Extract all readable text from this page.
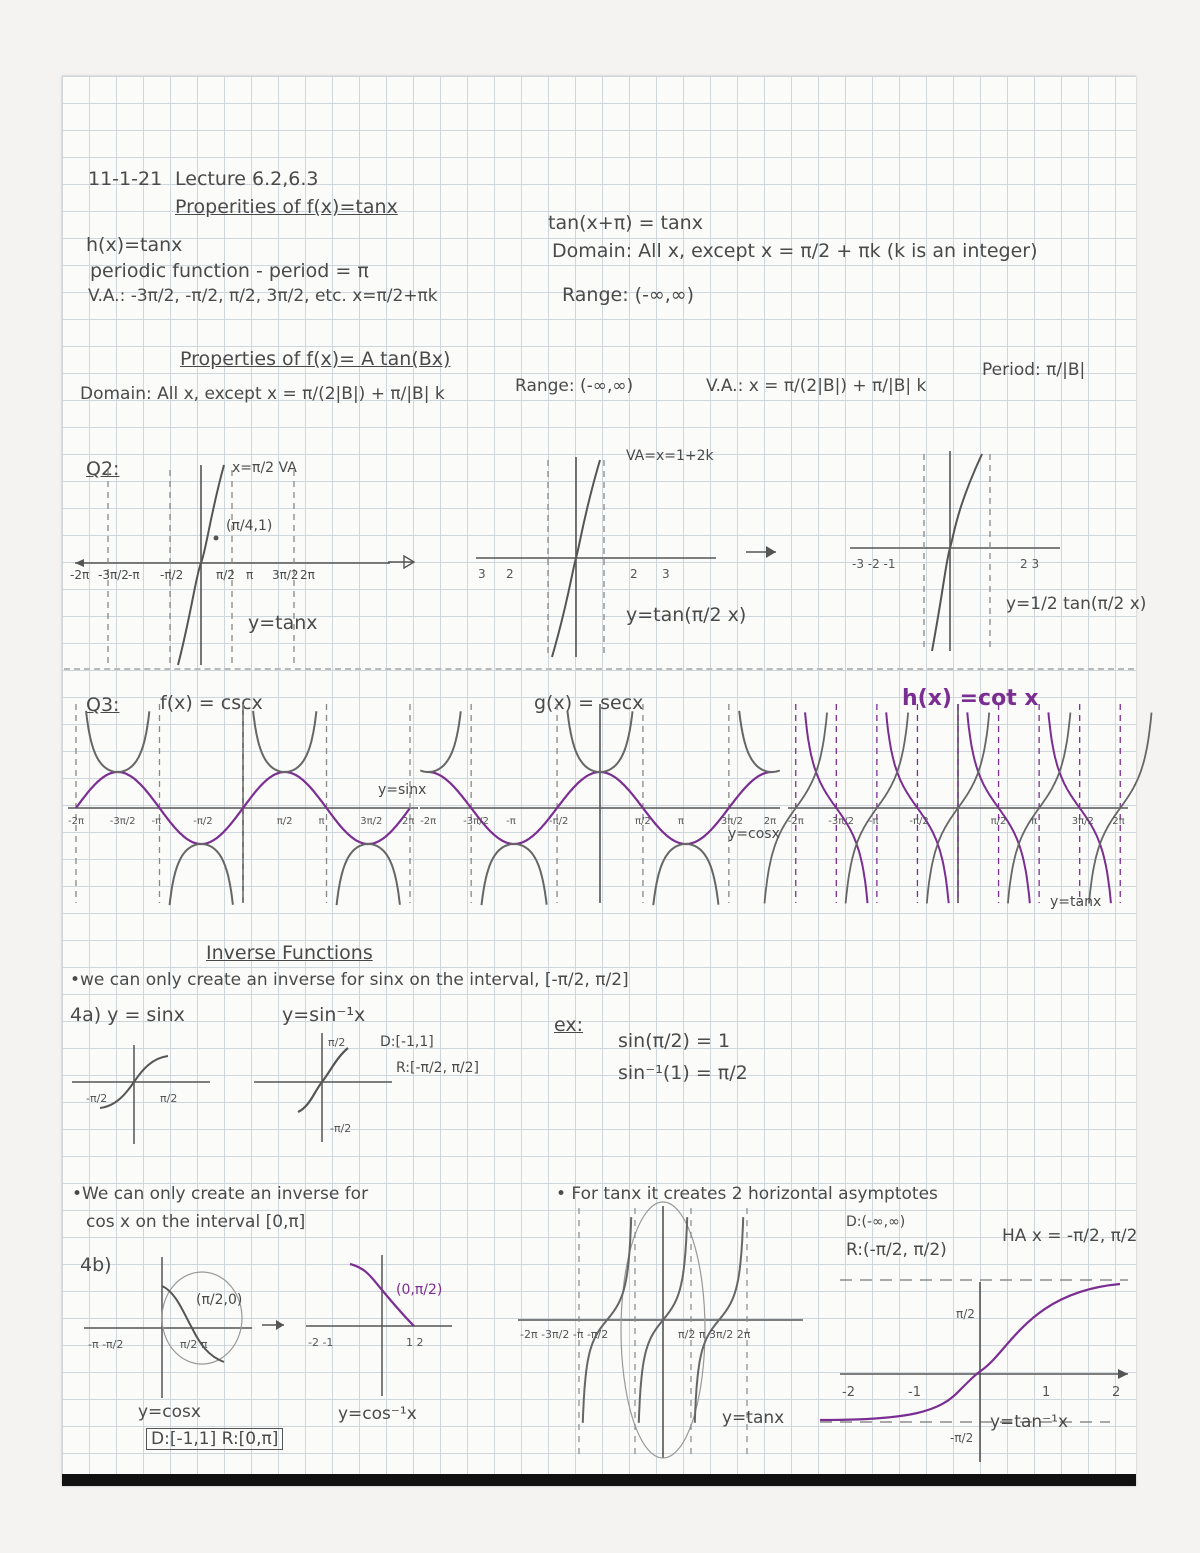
11-1-21 Lecture 6.2,6.3
Properities of f(x)=tanx
h(x)=tanx
periodic function - period = π
V.A.: -3π/2, -π/2, π/2, 3π/2, etc. x=π/2+πk
tan(x+π) = tanx
Domain: All x, except x = π/2 + πk (k is an integer)
Range: (-∞,∞)
Properties of f(x)= A tan(Bx)
Domain: All x, except x = π/(2|B|) + π/|B| k	Range: (-∞,∞)	V.A.: x = π/(2|B|) + π/|B| k
Period: π/|B|
Q2:	x=π/2 VA
(π/4,1)
y=tanx
-2π -3π/2 -π -π/2	π/2 π 3π/2 2π	3 2	2 3
VA=x=1+2k
y=tan(π/2 x)
-3 -2 -1	2 3
y=1/2 tan(π/2 x)
Q3: f(x) = cscx	g(x) = secx	h(x) =cot x
-2π	-3π/2 -π	-π/2	π/2	π	3π/2 2π -2π	-3π/2 -π	-π/2	π/2	π	3π/2 2π -2π -3π/2 -π	-π/2	π/2 π	3π/2 2π
y=sinx
y=cosx
y=tanx
Inverse Functions
•we can only create an inverse for sinx on the interval, [-π/2, π/2]
4a) y = sinx	y=sin⁻¹x
D:[-1,1]
R:[-π/2, π/2]
ex:
sin(π/2) = 1
sin⁻¹(1) = π/2
-π/2	π/2
π/2
-π/2
•We can only create an inverse for
cos x on the interval [0,π]
4b)
-π -π/2	π/2 π
(π/2,0)
y=cosx
-2 -1	1 2
(0,π/2)
y=cos⁻¹x
D:[-1,1] R:[0,π]
• For tanx it creates 2 horizontal asymptotes
-2π -3π/2 -π -π/2	π/2 π 3π/2 2π
y=tanx
D:(-∞,∞)
R:(-π/2, π/2)
HA x = -π/2, π/2
-2	-1	1	2
π/2
-π/2
y=tan⁻¹x
